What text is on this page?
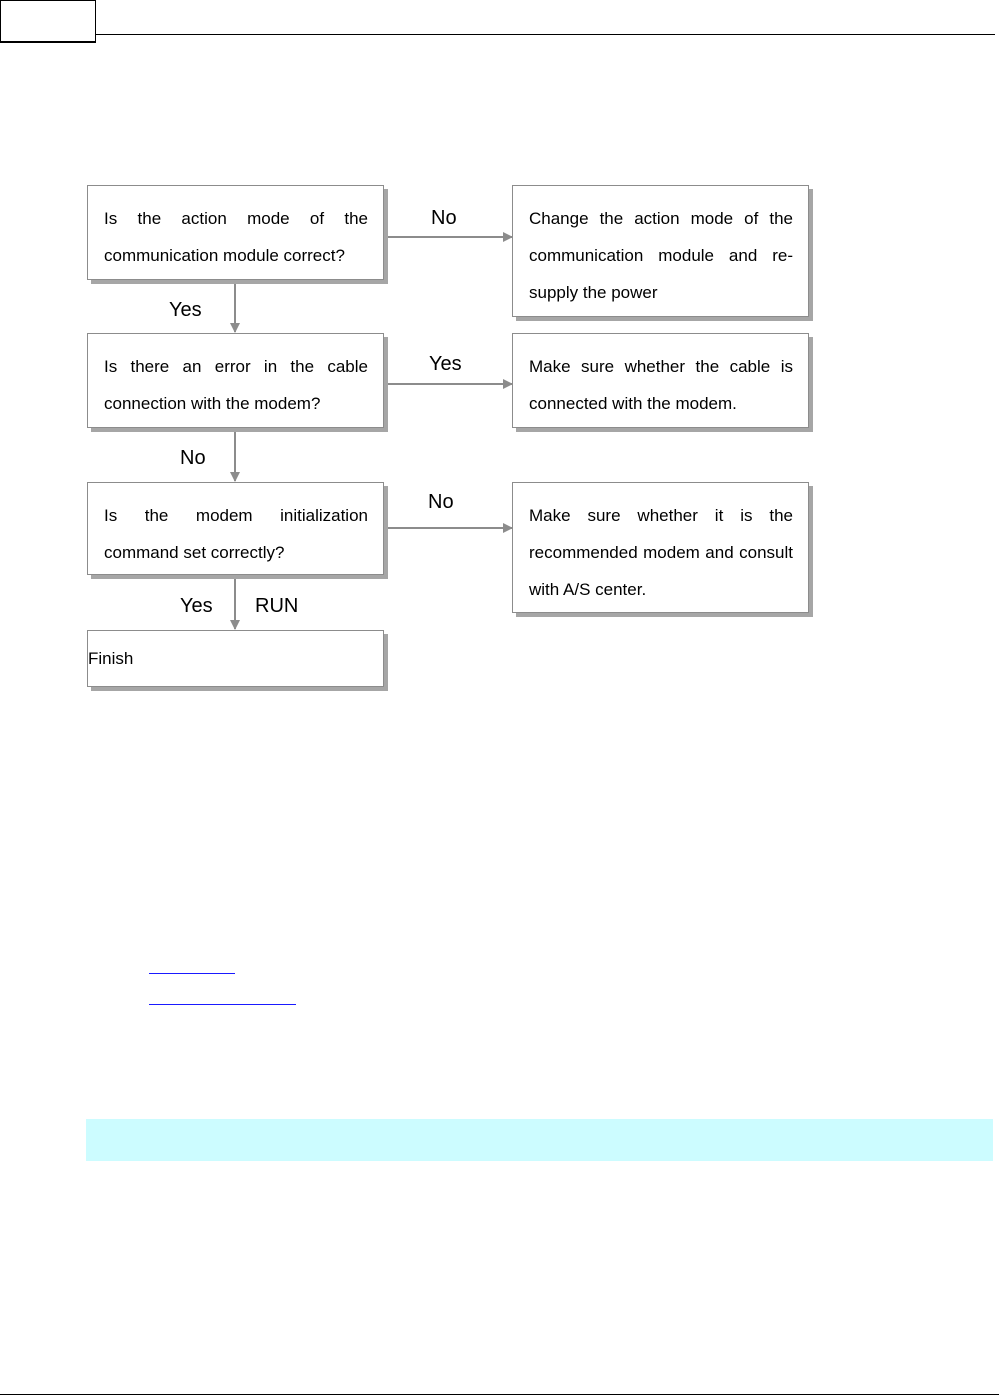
Is the action mode of the communication module correct?
Is there an error in the cable connection with the modem?
Is the modem initialization command set correctly?
Finish
Change the action mode of the communication module and re-supply the power
Make sure whether the cable is connected with the modem.
Make sure whether it is the recommended modem and consult with A/S center.
No
Yes
Yes
No
No
Yes RUN
